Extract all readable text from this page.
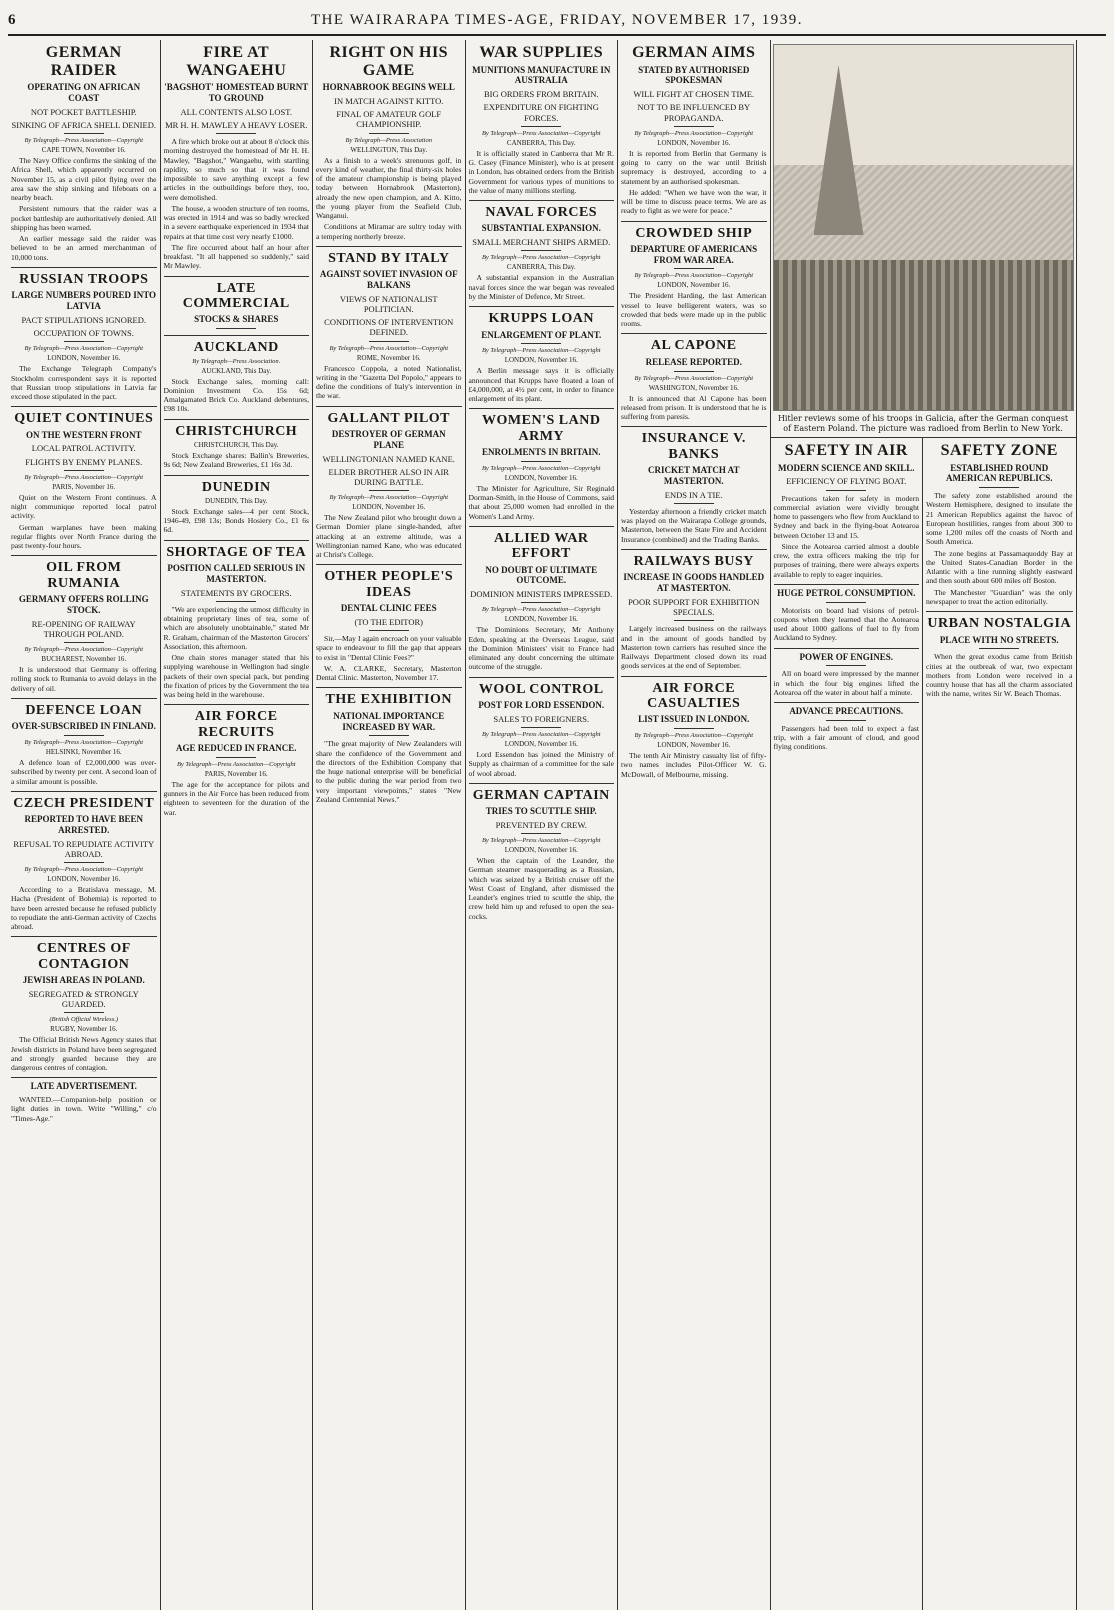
6	THE WAIRARAPA TIMES-AGE, FRIDAY, NOVEMBER 17, 1939.
GERMAN RAIDER
OPERATING ON AFRICAN COAST
NOT POCKET BATTLESHIP.
SINKING OF AFRICA SHELL DENIED.
By Telegraph—Press Association—Copyright
CAPE TOWN, November 16.

The Navy Office confirms the sinking of the Africa Shell, which apparently occurred on November 15, as a civil pilot flying over the area saw the ship sinking and lifeboats on a nearby beach.

Persistent rumours that the raider was a pocket battleship are authoritatively denied. All shipping has been warned.

An earlier message said the raider was believed to be an armed merchantman of 10,000 tons.

RUSSIAN TROOPS
LARGE NUMBERS POURED INTO LATVIA
PACT STIPULATIONS IGNORED.
OCCUPATION OF TOWNS.
By Telegraph—Press Association—Copyright
LONDON, November 16.

The Exchange Telegraph Company's Stockholm correspondent says it is reported that Russian troop stipulations in Latvia far exceed those stipulated in the pact.

QUIET CONTINUES
ON THE WESTERN FRONT
LOCAL PATROL ACTIVITY.
FLIGHTS BY ENEMY PLANES.
By Telegraph—Press Association—Copyright
PARIS, November 16.

Quiet on the Western Front continues. A night communique reported local patrol activity.

German warplanes have been making regular flights over North France during the past twenty-four hours.

OIL FROM RUMANIA
GERMANY OFFERS ROLLING STOCK.
RE-OPENING OF RAILWAY THROUGH POLAND.
By Telegraph—Press Association—Copyright
BUCHAREST, November 16.

It is understood that Germany is offering rolling stock to Rumania to avoid delays in the delivery of oil.

DEFENCE LOAN
OVER-SUBSCRIBED IN FINLAND.
By Telegraph—Press Association—Copyright
HELSINKI, November 16.

A defence loan of £2,000,000 was over-subscribed by twenty per cent. A second loan of a similar amount is possible.

CZECH PRESIDENT
REPORTED TO HAVE BEEN ARRESTED.
REFUSAL TO REPUDIATE ACTIVITY ABROAD.
By Telegraph—Press Association—Copyright
LONDON, November 16.

According to a Bratislava message, M. Hacha (President of Bohemia) is reported to have been arrested because he refused publicly to repudiate the anti-German activity of Czechs abroad.

CENTRES OF CONTAGION
JEWISH AREAS IN POLAND.
SEGREGATED & STRONGLY GUARDED.
(British Official Wireless.)
RUGBY, November 16.

The Official British News Agency states that Jewish districts in Poland have been segregated and strongly guarded because they are dangerous centres of contagion.

LATE ADVERTISEMENT.

WANTED.—Companion-help position or light duties in town. Write "Willing," c/o "Times-Age."

FIRE AT WANGAEHU
'BAGSHOT' HOMESTEAD BURNT TO GROUND
ALL CONTENTS ALSO LOST.
MR H. H. MAWLEY A HEAVY LOSER.

A fire which broke out at about 8 o'clock this morning destroyed the homestead of Mr H. H. Mawley, "Bagshot," Wangaehu, with startling rapidity, so much so that it was found impossible to save anything except a few articles in the outbuildings before they, too, were demolished.

The house, a wooden structure of ten rooms, was erected in 1914 and was so badly wrecked in a severe earthquake experienced in 1934 that repairs at that time cost very nearly £1000.

The fire occurred about half an hour after breakfast. "It all happened so suddenly," said Mr Mawley.

LATE COMMERCIAL
STOCKS & SHARES
AUCKLAND
By Telegraph—Press Association.
AUCKLAND, This Day.

Stock Exchange sales, morning call: Dominion Investment Co. 15s 6d; Amalgamated Brick Co. Auckland debentures, £98 10s.

CHRISTCHURCH
CHRISTCHURCH, This Day.

Stock Exchange shares: Ballin's Breweries, 9s 6d; New Zealand Breweries, £1 16s 3d.

DUNEDIN
DUNEDIN, This Day.

Stock Exchange sales—4 per cent Stock, 1946-49, £98 13s; Bonds Hosiery Co., £1 6s 6d.

SHORTAGE OF TEA
POSITION CALLED SERIOUS IN MASTERTON.
STATEMENTS BY GROCERS.

"We are experiencing the utmost difficulty in obtaining proprietary lines of tea, some of which are absolutely unobtainable," stated Mr R. Graham, chairman of the Masterton Grocers' Association, this afternoon.

One chain stores manager stated that his supplying warehouse in Wellington had single packets of their own special pack, but pending the fixation of prices by the Government the tea was being held in the warehouse.

AIR FORCE RECRUITS
AGE REDUCED IN FRANCE.
By Telegraph—Press Association—Copyright
PARIS, November 16.

The age for the acceptance for pilots and gunners in the Air Force has been reduced from eighteen to seventeen for the duration of the war.

RIGHT ON HIS GAME
HORNABROOK BEGINS WELL
IN MATCH AGAINST KITTO.
FINAL OF AMATEUR GOLF CHAMPIONSHIP.
By Telegraph—Press Association
WELLINGTON, This Day.

As a finish to a week's strenuous golf, in every kind of weather, the final thirty-six holes of the amateur championship is being played today between Hornabrook (Masterton), already the new open champion, and A. Kitto, the young player from the Seafield Club, Wanganui.

Conditions at Miramar are sultry today with a tempering northerly breeze.

STAND BY ITALY
AGAINST SOVIET INVASION OF BALKANS
VIEWS OF NATIONALIST POLITICIAN.
CONDITIONS OF INTERVENTION DEFINED.
By Telegraph—Press Association—Copyright
ROME, November 16.

Francesco Coppola, a noted Nationalist, writing in the "Gazetta Del Popolo," appears to define the conditions of Italy's intervention in the war.

GALLANT PILOT
DESTROYER OF GERMAN PLANE
WELLINGTONIAN NAMED KANE.
ELDER BROTHER ALSO IN AIR DURING BATTLE.
By Telegraph—Press Association—Copyright
LONDON, November 16.

The New Zealand pilot who brought down a German Dornier plane single-handed, after attacking at an extreme altitude, was a Wellingtonian named Kane, who was educated at Christ's College.

OTHER PEOPLE'S IDEAS
DENTAL CLINIC FEES
(TO THE EDITOR)

Sir,—May I again encroach on your valuable space to endeavour to fill the gap that appears to exist in "Dental Clinic Fees?"

W. A. CLARKE, Secretary, Masterton Dental Clinic. Masterton, November 17.

THE EXHIBITION
NATIONAL IMPORTANCE INCREASED BY WAR.

"The great majority of New Zealanders will share the confidence of the Government and the directors of the Exhibition Company that the huge national enterprise will be beneficial to the public during the war period from two very important viewpoints," states "New Zealand Centennial News."

WAR SUPPLIES
MUNITIONS MANUFACTURE IN AUSTRALIA
BIG ORDERS FROM BRITAIN.
EXPENDITURE ON FIGHTING FORCES.
By Telegraph—Press Association—Copyright
CANBERRA, This Day.

It is officially stated in Canberra that Mr R. G. Casey (Finance Minister), who is at present in London, has obtained orders from the British Government for various types of munitions to the value of many millions sterling.

NAVAL FORCES
SUBSTANTIAL EXPANSION.
SMALL MERCHANT SHIPS ARMED.
By Telegraph—Press Association—Copyright
CANBERRA, This Day.

A substantial expansion in the Australian naval forces since the war began was revealed by the Minister of Defence, Mr Street.

KRUPPS LOAN
ENLARGEMENT OF PLANT.
By Telegraph—Press Association—Copyright
LONDON, November 16.

A Berlin message says it is officially announced that Krupps have floated a loan of £4,000,000, at 4½ per cent, in order to finance enlargement of its plant.

WOMEN'S LAND ARMY
ENROLMENTS IN BRITAIN.
By Telegraph—Press Association—Copyright
LONDON, November 16.

The Minister for Agriculture, Sir Reginald Dorman-Smith, in the House of Commons, said that about 25,000 women had enrolled in the Women's Land Army.

ALLIED WAR EFFORT
NO DOUBT OF ULTIMATE OUTCOME.
DOMINION MINISTERS IMPRESSED.
By Telegraph—Press Association—Copyright
LONDON, November 16.

The Dominions Secretary, Mr Anthony Eden, speaking at the Overseas League, said the Dominion Ministers' visit to France had eliminated any doubt concerning the ultimate outcome of the struggle.

WOOL CONTROL
POST FOR LORD ESSENDON.
SALES TO FOREIGNERS.
By Telegraph—Press Association—Copyright
LONDON, November 16.

Lord Essendon has joined the Ministry of Supply as chairman of a committee for the sale of wool abroad.

GERMAN CAPTAIN
TRIES TO SCUTTLE SHIP.
PREVENTED BY CREW.
By Telegraph—Press Association—Copyright
LONDON, November 16.

When the captain of the Leander, the German steamer masquerading as a Russian, which was seized by a British cruiser off the West Coast of England, after dismissed the Leander's engines tried to scuttle the ship, the crew held him up and refused to open the sea-cocks.

GERMAN AIMS
STATED BY AUTHORISED SPOKESMAN
WILL FIGHT AT CHOSEN TIME.
NOT TO BE INFLUENCED BY PROPAGANDA.
By Telegraph—Press Association—Copyright
LONDON, November 16.

It is reported from Berlin that Germany is going to carry on the war until British supremacy is destroyed, according to a statement by an authorised spokesman.

He added: "When we have won the war, it will be time to discuss peace terms. We are as ready to fight as we were for peace."

CROWDED SHIP
DEPARTURE OF AMERICANS FROM WAR AREA.
By Telegraph—Press Association—Copyright
LONDON, November 16.

The President Harding, the last American vessel to leave belligerent waters, was so crowded that beds were made up in the public rooms.

AL CAPONE
RELEASE REPORTED.
By Telegraph—Press Association—Copyright
WASHINGTON, November 16.

It is announced that Al Capone has been released from prison. It is understood that he is suffering from paresis.

INSURANCE V. BANKS
CRICKET MATCH AT MASTERTON.
ENDS IN A TIE.

Yesterday afternoon a friendly cricket match was played on the Wairarapa College grounds, Masterton, between the State Fire and Accident Insurance (combined) and the Trading Banks.

RAILWAYS BUSY
INCREASE IN GOODS HANDLED AT MASTERTON.
POOR SUPPORT FOR EXHIBITION SPECIALS.

Largely increased business on the railways and in the amount of goods handled by Masterton town carriers has resulted since the Railways Department closed down its road goods services at the end of September.

AIR FORCE CASUALTIES
LIST ISSUED IN LONDON.
By Telegraph—Press Association—Copyright
LONDON, November 16.

The tenth Air Ministry casualty list of fifty-two names includes Pilot-Officer W. G. McDowall, of Melbourne, missing.

Hitler reviews some of his troops in Galicia, after the German conquest of Eastern Poland. The picture was radioed from Berlin to New York.
SAFETY IN AIR
MODERN SCIENCE AND SKILL.
EFFICIENCY OF FLYING BOAT.

Precautions taken for safety in modern commercial aviation were vividly brought home to passengers who flew from Auckland to Sydney and back in the flying-boat Aotearoa between October 13 and 15.

Since the Aotearoa carried almost a double crew, the extra officers making the trip for purposes of training, there were always experts available to reply to eager inquiries.

HUGE PETROL CONSUMPTION.

Motorists on board had visions of petrol-coupons when they learned that the Aotearoa used about 1000 gallons of fuel to fly from Auckland to Sydney.

POWER OF ENGINES.

All on board were impressed by the manner in which the four big engines lifted the Aotearoa off the water in about half a minute.

ADVANCE PRECAUTIONS.

Passengers had been told to expect a fast trip, with a fair amount of cloud, and good flying conditions.

SAFETY ZONE
ESTABLISHED ROUND AMERICAN REPUBLICS.

The safety zone established around the Western Hemisphere, designed to insulate the 21 American Republics against the havoc of European hostilities, ranges from about 300 to some 1,200 miles off the coasts of North and South America.

The zone begins at Passamaquoddy Bay at the United States-Canadian Border in the Atlantic with a line running slightly eastward and then south about 600 miles off Boston.

The Manchester "Guardian" was the only newspaper to treat the action editorially.

URBAN NOSTALGIA
PLACE WITH NO STREETS.

When the great exodus came from British cities at the outbreak of war, two expectant mothers from London were received in a country house that has all the charm associated with the name, writes Sir W. Beach Thomas.
